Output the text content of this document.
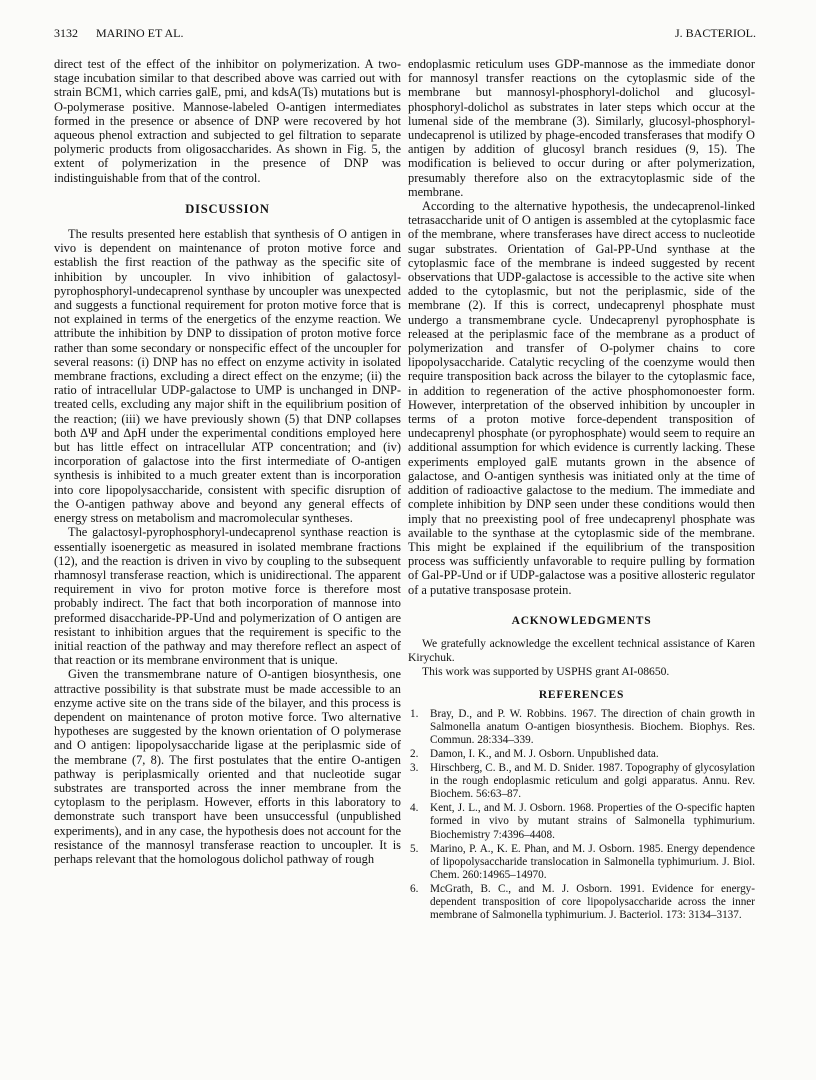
3132 MARINO ET AL.	J. BACTERIOL.

direct test of the effect of the inhibitor on polymerization. A two-stage incubation similar to that described above was carried out with strain BCM1, which carries galE, pmi, and kdsA(Ts) mutations but is O-polymerase positive. Mannose-labeled O-antigen intermediates formed in the presence or absence of DNP were recovered by hot aqueous phenol extraction and subjected to gel filtration to separate polymeric products from oligosaccharides. As shown in Fig. 5, the extent of polymerization in the presence of DNP was indistinguishable from that of the control.

DISCUSSION

The results presented here establish that synthesis of O antigen in vivo is dependent on maintenance of proton motive force and establish the first reaction of the pathway as the specific site of inhibition by uncoupler. In vivo inhibition of galactosyl-pyrophosphoryl-undecaprenol synthase by uncoupler was unexpected and suggests a functional requirement for proton motive force that is not explained in terms of the energetics of the enzyme reaction. We attribute the inhibition by DNP to dissipation of proton motive force rather than some secondary or nonspecific effect of the uncoupler for several reasons: (i) DNP has no effect on enzyme activity in isolated membrane fractions, excluding a direct effect on the enzyme; (ii) the ratio of intracellular UDP-galactose to UMP is unchanged in DNP-treated cells, excluding any major shift in the equilibrium position of the reaction; (iii) we have previously shown (5) that DNP collapses both ΔΨ and ΔpH under the experimental conditions employed here but has little effect on intracellular ATP concentration; and (iv) incorporation of galactose into the first intermediate of O-antigen synthesis is inhibited to a much greater extent than is incorporation into core lipopolysaccharide, consistent with specific disruption of the O-antigen pathway above and beyond any general effects of energy stress on metabolism and macromolecular syntheses.

The galactosyl-pyrophosphoryl-undecaprenol synthase reaction is essentially isoenergetic as measured in isolated membrane fractions (12), and the reaction is driven in vivo by coupling to the subsequent rhamnosyl transferase reaction, which is unidirectional. The apparent requirement in vivo for proton motive force is therefore most probably indirect. The fact that both incorporation of mannose into preformed disaccharide-PP-Und and polymerization of O antigen are resistant to inhibition argues that the requirement is specific to the initial reaction of the pathway and may therefore reflect an aspect of that reaction or its membrane environment that is unique.

Given the transmembrane nature of O-antigen biosynthesis, one attractive possibility is that substrate must be made accessible to an enzyme active site on the trans side of the bilayer, and this process is dependent on maintenance of proton motive force. Two alternative hypotheses are suggested by the known orientation of O polymerase and O antigen: lipopolysaccharide ligase at the periplasmic side of the membrane (7, 8). The first postulates that the entire O-antigen pathway is periplasmically oriented and that nucleotide sugar substrates are transported across the inner membrane from the cytoplasm to the periplasm. However, efforts in this laboratory to demonstrate such transport have been unsuccessful (unpublished experiments), and in any case, the hypothesis does not account for the resistance of the mannosyl transferase reaction to uncoupler. It is perhaps relevant that the homologous dolichol pathway of rough

endoplasmic reticulum uses GDP-mannose as the immediate donor for mannosyl transfer reactions on the cytoplasmic side of the membrane but mannosyl-phosphoryl-dolichol and glucosyl-phosphoryl-dolichol as substrates in later steps which occur at the lumenal side of the membrane (3). Similarly, glucosyl-phosphoryl-undecaprenol is utilized by phage-encoded transferases that modify O antigen by addition of glucosyl branch residues (9, 15). The modification is believed to occur during or after polymerization, presumably therefore also on the extracytoplasmic side of the membrane.

According to the alternative hypothesis, the undecaprenol-linked tetrasaccharide unit of O antigen is assembled at the cytoplasmic face of the membrane, where transferases have direct access to nucleotide sugar substrates. Orientation of Gal-PP-Und synthase at the cytoplasmic face of the membrane is indeed suggested by recent observations that UDP-galactose is accessible to the active site when added to the cytoplasmic, but not the periplasmic, side of the membrane (2). If this is correct, undecaprenyl phosphate must undergo a transmembrane cycle. Undecaprenyl pyrophosphate is released at the periplasmic face of the membrane as a product of polymerization and transfer of O-polymer chains to core lipopolysaccharide. Catalytic recycling of the coenzyme would then require transposition back across the bilayer to the cytoplasmic face, in addition to regeneration of the active phosphomonoester form. However, interpretation of the observed inhibition by uncoupler in terms of a proton motive force-dependent transposition of undecaprenyl phosphate (or pyrophosphate) would seem to require an additional assumption for which evidence is currently lacking. These experiments employed galE mutants grown in the absence of galactose, and O-antigen synthesis was initiated only at the time of addition of radioactive galactose to the medium. The immediate and complete inhibition by DNP seen under these conditions would then imply that no preexisting pool of free undecaprenyl phosphate was available to the synthase at the cytoplasmic side of the membrane. This might be explained if the equilibrium of the transposition process was sufficiently unfavorable to require pulling by formation of Gal-PP-Und or if UDP-galactose was a positive allosteric regulator of a putative transposase protein.

ACKNOWLEDGMENTS

We gratefully acknowledge the excellent technical assistance of Karen Kirychuk.

This work was supported by USPHS grant AI-08650.

REFERENCES
1. Bray, D., and P. W. Robbins. 1967. The direction of chain growth in Salmonella anatum O-antigen biosynthesis. Biochem. Biophys. Res. Commun. 28:334–339.
2. Damon, I. K., and M. J. Osborn. Unpublished data.
3. Hirschberg, C. B., and M. D. Snider. 1987. Topography of glycosylation in the rough endoplasmic reticulum and golgi apparatus. Annu. Rev. Biochem. 56:63–87.
4. Kent, J. L., and M. J. Osborn. 1968. Properties of the O-specific hapten formed in vivo by mutant strains of Salmonella typhimurium. Biochemistry 7:4396–4408.
5. Marino, P. A., K. E. Phan, and M. J. Osborn. 1985. Energy dependence of lipopolysaccharide translocation in Salmonella typhimurium. J. Biol. Chem. 260:14965–14970.
6. McGrath, B. C., and M. J. Osborn. 1991. Evidence for energy-dependent transposition of core lipopolysaccharide across the inner membrane of Salmonella typhimurium. J. Bacteriol. 173: 3134–3137.
